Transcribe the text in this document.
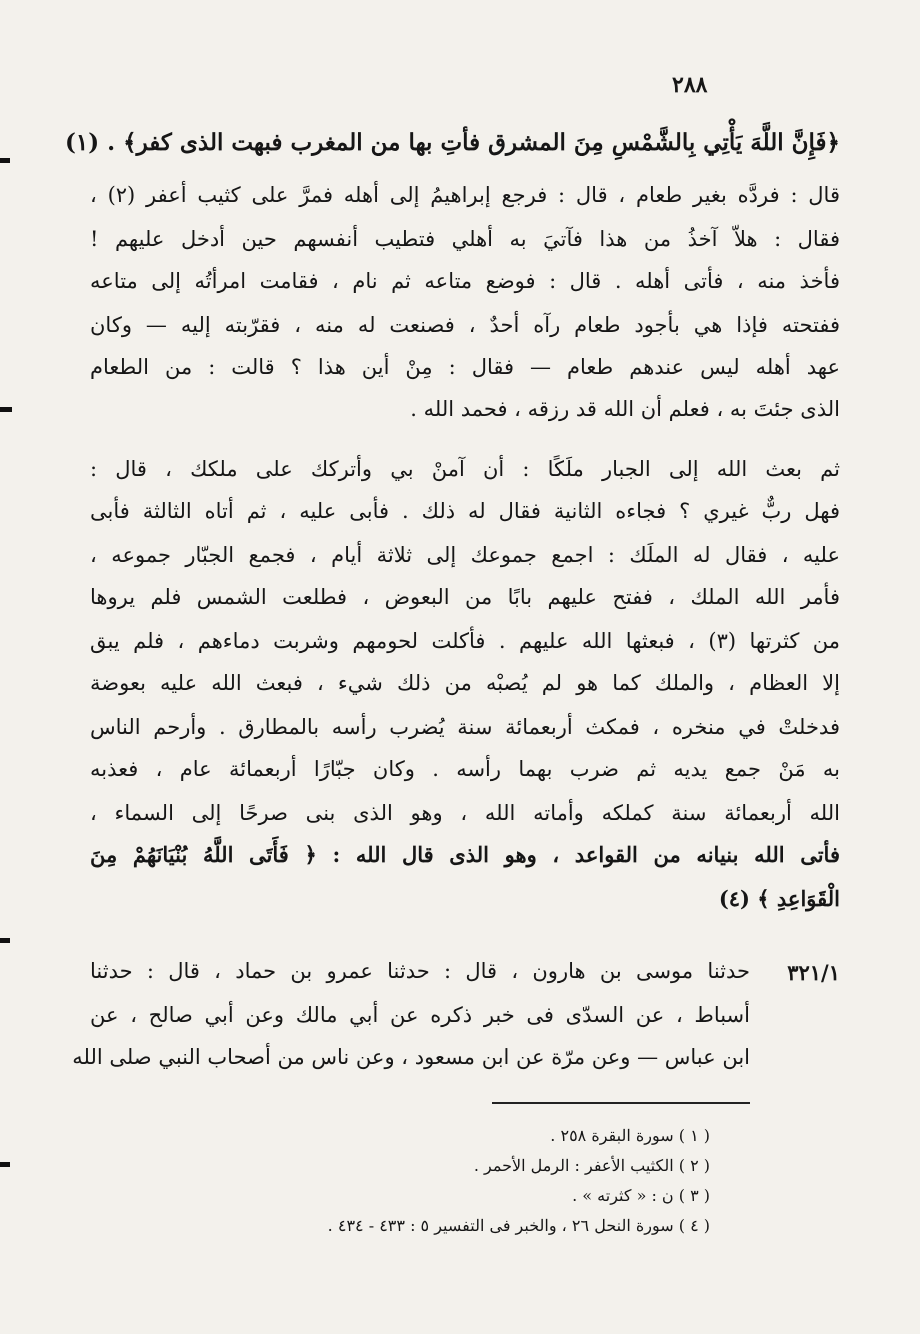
٢٨٨
﴿فَإِنَّ اللَّهَ يَأْتِي بِالشَّمْسِ مِنَ المشرق فأتِ بها من المغرب فبهت الذى كفر﴾ . (١)
قال : فردَّه بغير طعام ، قال : فرجع إبراهيمُ إلى أهله فمرَّ على كثيب أعفر (٢) ،
فقال : هلاّ آخذُ من هذا فآتيَ به أهلي فتطيب أنفسهم حين أدخل عليهم !
فأخذ منه ، فأتى أهله . قال : فوضع متاعه ثم نام ، فقامت امرأتُه إلى متاعه
ففتحته فإذا هي بأجود طعام رآه أحدٌ ، فصنعت له منه ، فقرّبته إليه — وكان
عهد أهله ليس عندهم طعام — فقال : مِنْ أين هذا ؟ قالت : من الطعام
الذى جئتَ به ، فعلم أن الله قد رزقه ، فحمد الله .
ثم بعث الله إلى الجبار ملَكًا : أن آمنْ بي وأتركك على ملكك ، قال :
فهل ربٌّ غيري ؟ فجاءه الثانية فقال له ذلك . فأبى عليه ، ثم أتاه الثالثة فأبى
عليه ، فقال له الملَك : اجمع جموعك إلى ثلاثة أيام ، فجمع الجبّار جموعه ،
فأمر الله الملك ، ففتح عليهم بابًا من البعوض ، فطلعت الشمس فلم يروها
من كثرتها (٣) ، فبعثها الله عليهم . فأكلت لحومهم وشربت دماءهم ، فلم يبق
إلا العظام ، والملك كما هو لم يُصبْه من ذلك شيء ، فبعث الله عليه بعوضة
فدخلتْ في منخره ، فمكث أربعمائة سنة يُضرب رأسه بالمطارق . وأرحم الناس
به مَنْ جمع يديه ثم ضرب بهما رأسه . وكان جبّارًا أربعمائة عام ، فعذبه
الله أربعمائة سنة كملكه وأماته الله ، وهو الذى بنى صرحًا إلى السماء ،
فأتى الله بنيانه من القواعد ، وهو الذى قال الله : ﴿ فَأَتَى اللَّهُ بُنْيَانَهُمْ مِنَ
الْقَوَاعِدِ ﴾ (٤)
٣٢١/١
حدثنا موسى بن هارون ، قال : حدثنا عمرو بن حماد ، قال : حدثنا
أسباط ، عن السدّى فى خبر ذكره عن أبي مالك وعن أبي صالح ، عن
ابن عباس — وعن مرّة عن ابن مسعود ، وعن ناس من أصحاب النبي صلى الله
( ١ ) سورة البقرة ٢٥٨ .
( ٢ ) الكثيب الأعفر : الرمل الأحمر .
( ٣ ) ن : « كثرته » .
( ٤ ) سورة النحل ٢٦ ، والخبر فى التفسير ٥ : ٤٣٣ - ٤٣٤ .
